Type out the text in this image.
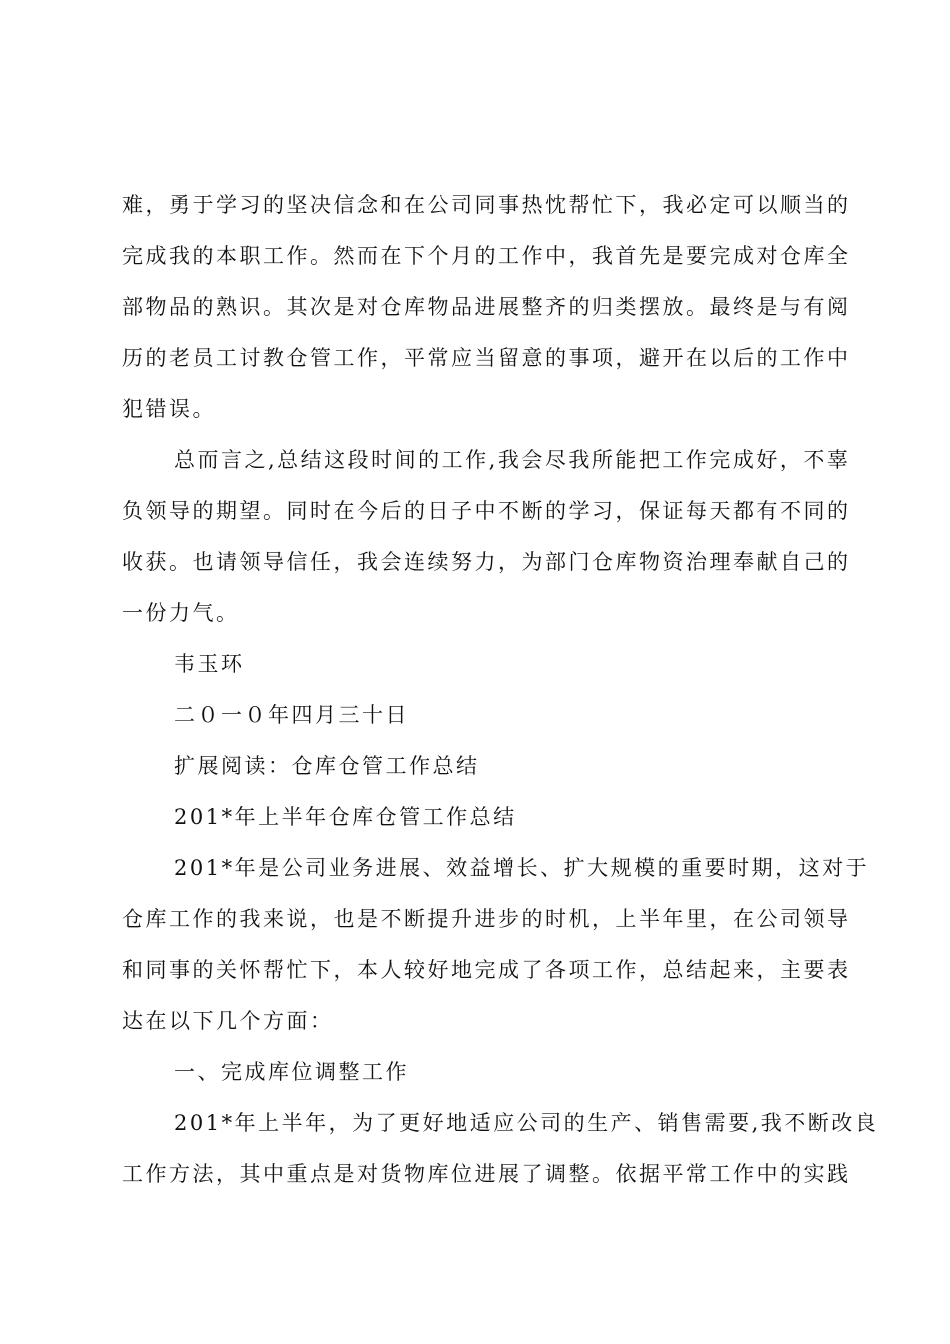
难，勇于学习的坚决信念和在公司同事热忱帮忙下，我必定可以顺当的
完成我的本职工作。然而在下个月的工作中，我首先是要完成对仓库全
部物品的熟识。其次是对仓库物品进展整齐的归类摆放。最终是与有阅
历的老员工讨教仓管工作，平常应当留意的事项，避开在以后的工作中
犯错误。
总而言之,总结这段时间的工作,我会尽我所能把工作完成好，不辜
负领导的期望。同时在今后的日子中不断的学习，保证每天都有不同的
收获。也请领导信任，我会连续努力，为部门仓库物资治理奉献自己的
一份力气。
韦玉环
二０一０年四月三十日
扩展阅读：仓库仓管工作总结
201*年上半年仓库仓管工作总结
201*年是公司业务进展、效益增长、扩大规模的重要时期，这对于
仓库工作的我来说，也是不断提升进步的时机，上半年里，在公司领导
和同事的关怀帮忙下，本人较好地完成了各项工作，总结起来，主要表
达在以下几个方面：
一、完成库位调整工作
201*年上半年，为了更好地适应公司的生产、销售需要,我不断改良
工作方法，其中重点是对货物库位进展了调整。依据平常工作中的实践
